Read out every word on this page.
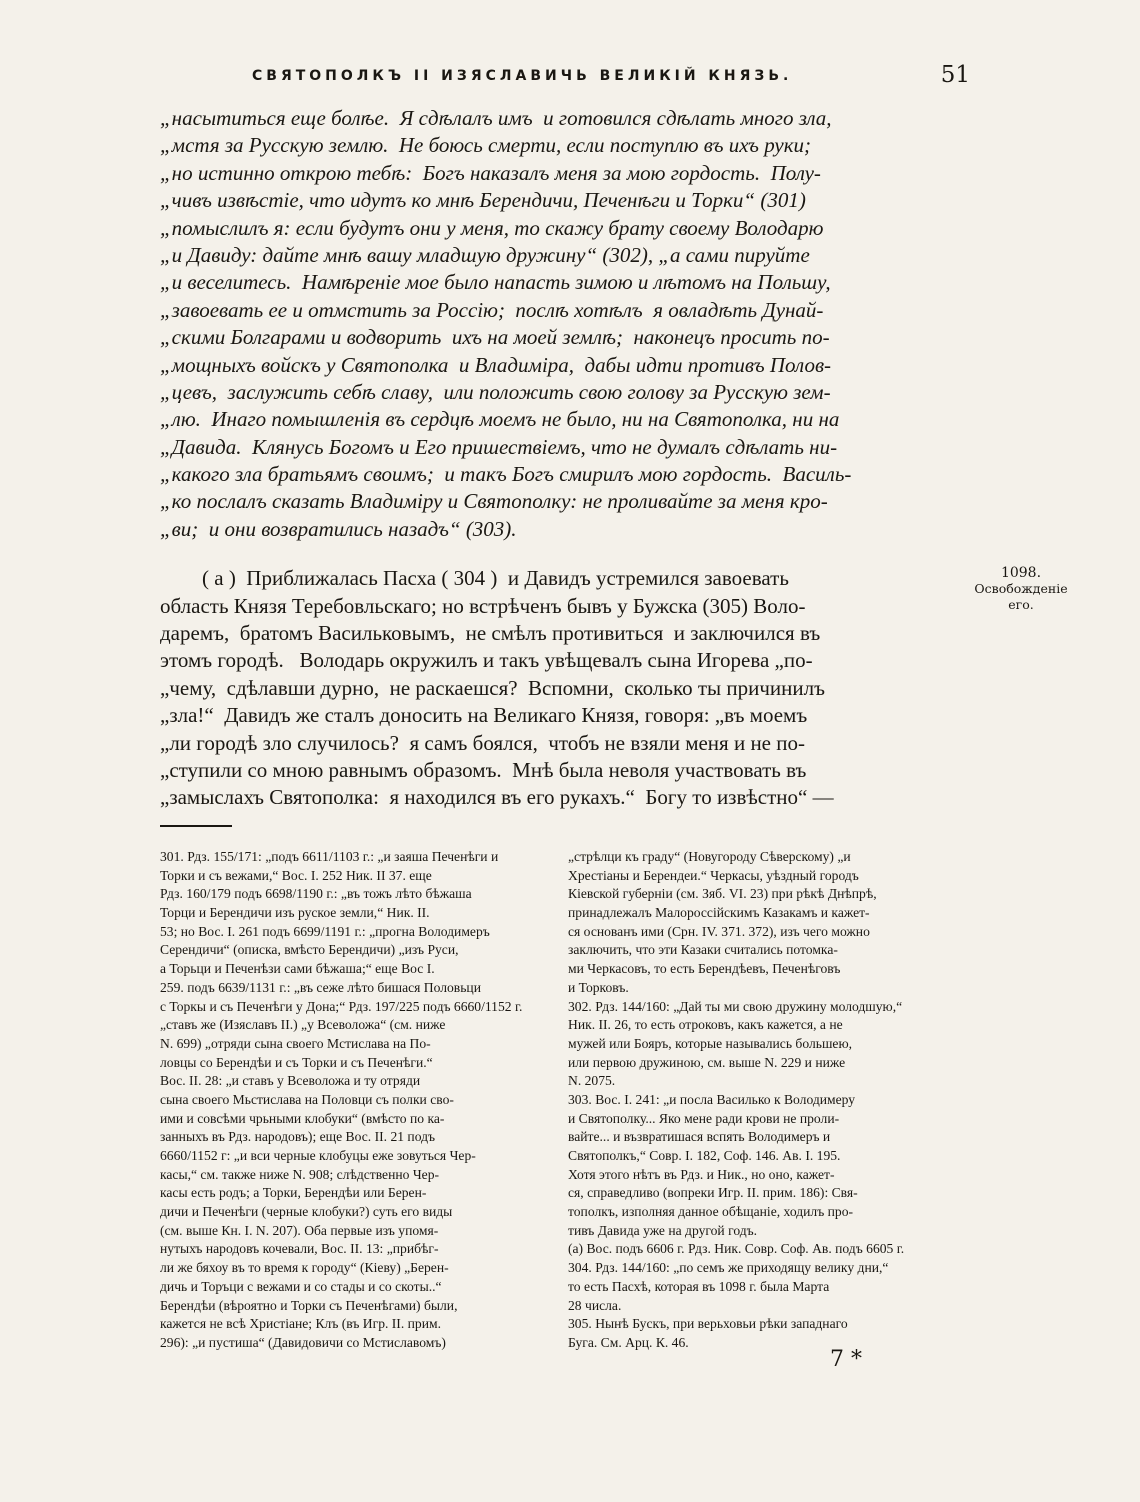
СВЯТОПОЛКЪ II ИЗЯСЛАВИЧЬ ВЕЛИКІЙ КНЯЗЬ.	51
„насытиться еще болѣе.  Я сдѣлалъ имъ  и готовился сдѣлать много зла,
„мстя за Русскую землю.  Не боюсь смерти, если поступлю въ ихъ руки;
„но истинно открою тебѣ:  Богъ наказалъ меня за мою гордость.  Полу-
„чивъ извѣстіе, что идутъ ко мнѣ Берендичи, Печенѣги и Торки“ (301)
„помыслилъ я: если будутъ они у меня, то скажу брату своему Володарю
„и Давиду: дайте мнѣ вашу младшую дружину“ (302), „а сами пируйте
„и веселитесь.  Намѣреніе мое было напасть зимою и лѣтомъ на Польшу,
„завоевать ее и отмстить за Россію;  послѣ хотѣлъ  я овладѣть Дунай-
„скими Болгарами и водворить  ихъ на моей землѣ;  наконецъ просить по-
„мощныхъ войскъ у Святополка  и Владиміра,  дабы идти противъ Полов-
„цевъ,  заслужить себѣ славу,  или положить свою голову за Русскую зем-
„лю.  Инаго помышленія въ сердцѣ моемъ не было, ни на Святополка, ни на
„Давида.  Клянусь Богомъ и Его пришествіемъ, что не думалъ сдѣлать ни-
„какого зла братьямъ своимъ;  и такъ Богъ смирилъ мою гордость.  Василь-
„ко послалъ сказать Владиміру и Святополку: не проливайте за меня кро-
„ви;  и они возвратились назадъ“ (303).
( а )  Приближалась Пасха ( 304 )  и Давидъ устремился завоевать
область Князя Теребовльскаго; но встрѣченъ бывъ у Бужска (305) Воло-
даремъ,  братомъ Васильковымъ,  не смѣлъ противиться  и заключился въ
этомъ городѣ.   Володарь окружилъ и такъ увѣщевалъ сына Игорева „по-
„чему,  сдѣлавши дурно,  не раскаешся?  Вспомни,  сколько ты причинилъ
„зла!“  Давидъ же сталъ доносить на Великаго Князя, говоря: „въ моемъ
„ли городѣ зло случилось?  я самъ боялся,  чтобъ не взяли меня и не по-
„ступили со мною равнымъ образомъ.  Мнѣ была неволя участвовать въ
„замыслахъ Святополка:  я находился въ его рукахъ.“  Богу то извѣстно“ —
1098.
Освобожденіе его.
301. Рдз. 155/171: „подъ 6611/1103 г.: „и заяша Печенѣги и
Торки и съ вежами,“ Вос. І. 252 Ник. ІІ 37. еще
Рдз. 160/179 подъ 6698/1190 г.: „въ тожъ лѣто бѣжаша
Торци и Берендичи изъ руское земли,“ Ник. ІІ.
53; но Вос. І. 261 подъ 6699/1191 г.: „прогна Володимеръ
Серендичи“ (описка, вмѣсто Берендичи) „изъ Руси,
а Торьци и Печенѣзи сами бѣжаша;“ еще Вос І.
259. подъ 6639/1131 г.: „въ сеже лѣто бишася Половьци
с Торкы и съ Печенѣги у Дона;“ Рдз. 197/225 подъ 6660/1152 г.
„ставъ же (Изяславъ ІІ.) „у Всеволожа“ (см. ниже
N. 699) „отряди сына своего Мстислава на По-
ловцы со Берендѣи и съ Торки и съ Печенѣги.“
Вос. ІІ. 28: „и ставъ у Всеволожа и ту отряди
сына своего Мьстислава на Половци съ полки сво-
ими и совсѣми чрьными клобуки“ (вмѣсто по ка-
занныхъ въ Рдз. народовъ); еще Вос. ІІ. 21 подъ
6660/1152 г: „и вси черные клобуцы еже зовуться Чер-
касы,“ см. также ниже N. 908; слѣдственно Чер-
касы есть родъ; а Торки, Берендѣи или Берен-
дичи и Печенѣги (черные клобуки?) суть его виды
(см. выше Кн. І. N. 207). Оба первые изъ упомя-
нутыхъ народовъ кочевали, Вос. ІІ. 13: „прибѣг-
ли же бяхоу въ то время к городу“ (Кіеву) „Берен-
дичь и Торъци с вежами и со стады и со скоты..“
Берендѣи (вѣроятно и Торки съ Печенѣгами) были,
кажется не всѣ Христіане; Клъ (въ Игр. ІІ. прим.
296): „и пустиша“ (Давидовичи со Мстиславомъ)
„стрѣлци къ граду“ (Новугороду Сѣверскому) „и
Хрестіаны и Берендеи.“ Черкасы, уѣздный городъ
Кіевской губерніи (см. Зяб. VI. 23) при рѣкѣ Днѣпрѣ,
принадлежалъ Малороссійскимъ Казакамъ и кажет-
ся основанъ ими (Срн. IV. 371. 372), изъ чего можно
заключить, что эти Казаки считались потомка-
ми Черкасовъ, то есть Берендѣевъ, Печенѣговъ
и Торковъ.
302. Рдз. 144/160: „Дай ты ми свою дружину молодшую,“
Ник. ІІ. 26, то есть отроковъ, какъ кажется, а не
мужей или Бояръ, которые назывались большею,
или первою дружиною, см. выше N. 229 и ниже
N. 2075.
303. Вос. І. 241: „и посла Василько к Володимеру
и Святополку... Яко мене ради крови не проли-
вайте... и възвратишася вспять Володимеръ и
Святополкъ,“ Совр. І. 182, Соф. 146. Ав. І. 195.
Хотя этого нѣтъ въ Рдз. и Ник., но оно, кажет-
ся, справедливо (вопреки Игр. ІІ. прим. 186): Свя-
тополкъ, изполняя данное обѣщаніе, ходилъ про-
тивъ Давида уже на другой годъ.
(а) Вос. подъ 6606 г. Рдз. Ник. Совр. Соф. Ав. подъ 6605 г.
304. Рдз. 144/160: „по семъ же приходящу велику дни,“
то есть Пасхѣ, которая въ 1098 г. была Марта
28 числа.
305. Нынѣ Бускъ, при верьховьи рѣки западнаго
Буга. См. Арц. К. 46.
7 *
